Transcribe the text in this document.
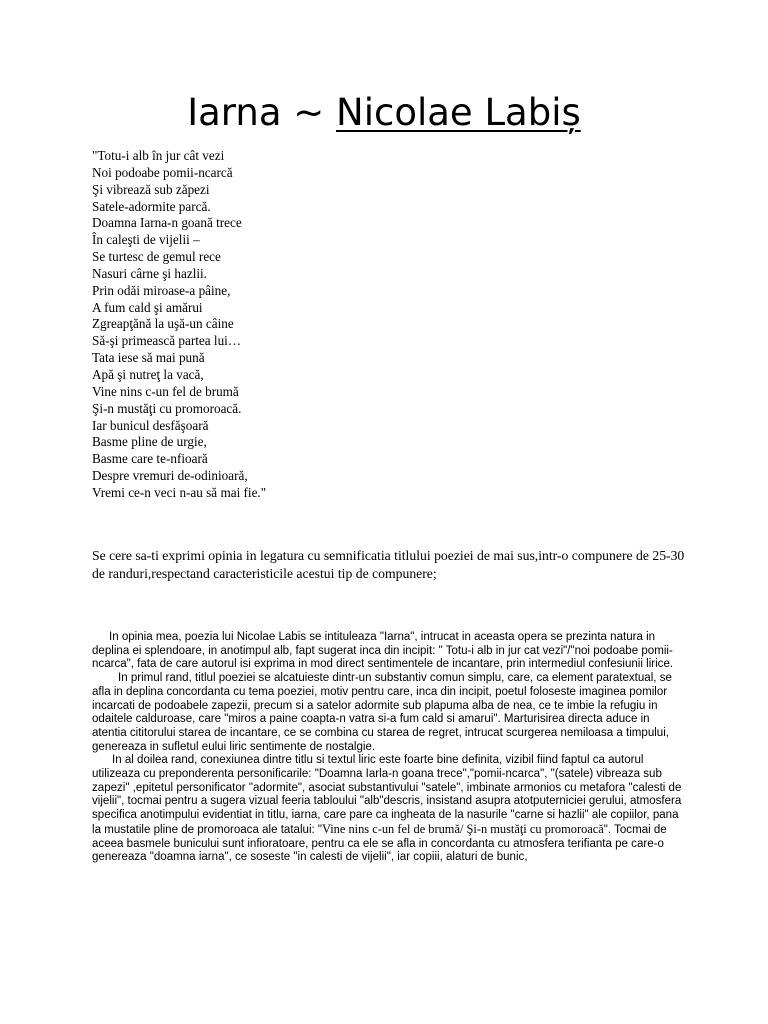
Iarna ~ Nicolae Labiș
"Totu-i alb în jur cât vezi
Noi podoabe pomii-ncarcă
Şi vibrează sub zăpezi
Satele-adormite parcă.
Doamna Iarna-n goană trece
În caleşti de vijelii –
Se turtesc de gemul rece
Nasuri cârne şi hazlii.
Prin odăi miroase-a pâine,
A fum cald şi amărui
Zgreapţănă la uşă-un câine
Să-şi primească partea lui…
Tata iese să mai pună
Apă şi nutreţ la vacă,
Vine nins c-un fel de brumă
Şi-n mustăţi cu promoroacă.
Iar bunicul desfăşoară
Basme pline de urgie,
Basme care te-nfioară
Despre vremuri de-odinioară,
Vremi ce-n veci n-au să mai fie."
Se cere sa-ti exprimi opinia in legatura cu semnificatia titlului poeziei de mai sus,intr-o compunere de 25-30 de randuri,respectand caracteristicile acestui tip de compunere;

In opinia mea, poezia lui Nicolae Labis se intituleaza "Iarna", intrucat in aceasta opera se prezinta natura in deplina ei splendoare, in anotimpul alb, fapt sugerat inca din incipit: " Totu-i alb in jur cat vezi"/"noi podoabe pomii-ncarca", fata de care autorul isi exprima in mod direct sentimentele de incantare, prin intermediul confesiunii lirice.

In primul rand, titlul poeziei se alcatuieste dintr-un substantiv comun simplu, care, ca element paratextual, se afla in deplina concordanta cu tema poeziei, motiv pentru care, inca din incipit, poetul foloseste imaginea pomilor incarcati de podoabele zapezii, precum si a satelor adormite sub plapuma alba de nea, ce te imbie la refugiu in odaitele calduroase, care "miros a paine coapta-n vatra si-a fum cald si amarui". Marturisirea directa aduce in atentia cititorului starea de incantare, ce se combina cu starea de regret, intrucat scurgerea nemiloasa a timpului, genereaza in sufletul eului liric sentimente de nostalgie.

In al doilea rand, conexiunea dintre titlu si textul liric este foarte bine definita, vizibil fiind faptul ca autorul utilizeaza cu preponderenta personificarile: "Doamna Iarla-n goana trece","pomii-ncarca", "(satele) vibreaza sub zapezi" ,epitetul personificator "adormite", asociat substantivului "satele", imbinate armonios cu metafora "calesti de vijelii", tocmai pentru a sugera vizual feeria tabloului "alb"descris, insistand asupra atotputerniciei gerului, atmosfera specifica anotimpului evidentiat in titlu, iarna, care pare ca ingheata de la nasurile "carne si hazlii" ale copiilor, pana la mustatile pline de promoroaca ale tatalui: "Vine nins c-un fel de brumă/ Şi-n mustăţi cu promoroacă". Tocmai de aceea basmele bunicului sunt infioratoare, pentru ca ele se afla in concordanta cu atmosfera terifianta pe care-o genereaza "doamna iarna", ce soseste "in calesti de vijelii", iar copiii, alaturi de bunic,
